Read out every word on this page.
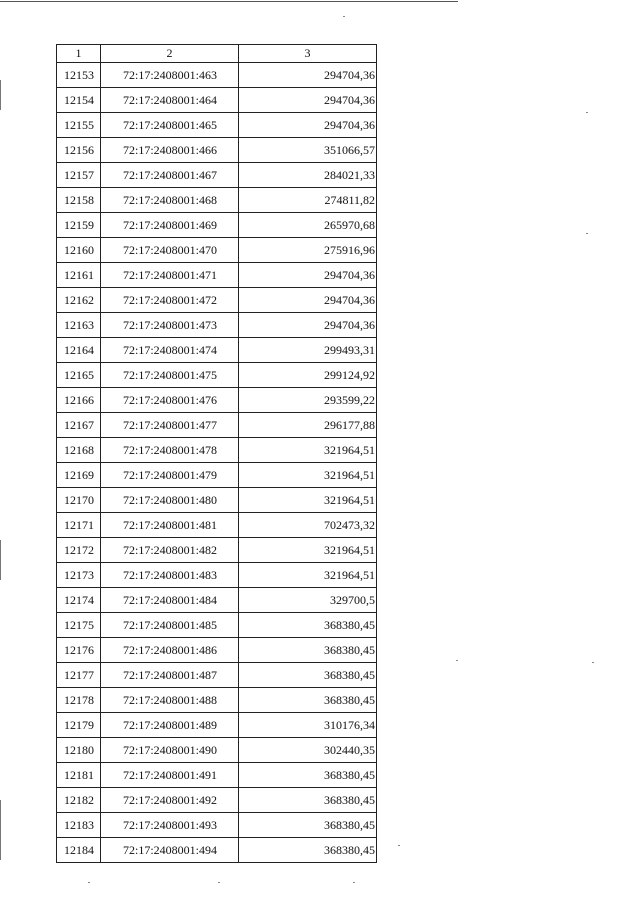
1	2	3
12153	72:17:2408001:463	294704,36
12154	72:17:2408001:464	294704,36
12155	72:17:2408001:465	294704,36
12156	72:17:2408001:466	351066,57
12157	72:17:2408001:467	284021,33
12158	72:17:2408001:468	274811,82
12159	72:17:2408001:469	265970,68
12160	72:17:2408001:470	275916,96
12161	72:17:2408001:471	294704,36
12162	72:17:2408001:472	294704,36
12163	72:17:2408001:473	294704,36
12164	72:17:2408001:474	299493,31
12165	72:17:2408001:475	299124,92
12166	72:17:2408001:476	293599,22
12167	72:17:2408001:477	296177,88
12168	72:17:2408001:478	321964,51
12169	72:17:2408001:479	321964,51
12170	72:17:2408001:480	321964,51
12171	72:17:2408001:481	702473,32
12172	72:17:2408001:482	321964,51
12173	72:17:2408001:483	321964,51
12174	72:17:2408001:484	329700,5
12175	72:17:2408001:485	368380,45
12176	72:17:2408001:486	368380,45
12177	72:17:2408001:487	368380,45
12178	72:17:2408001:488	368380,45
12179	72:17:2408001:489	310176,34
12180	72:17:2408001:490	302440,35
12181	72:17:2408001:491	368380,45
12182	72:17:2408001:492	368380,45
12183	72:17:2408001:493	368380,45
12184	72:17:2408001:494	368380,45
